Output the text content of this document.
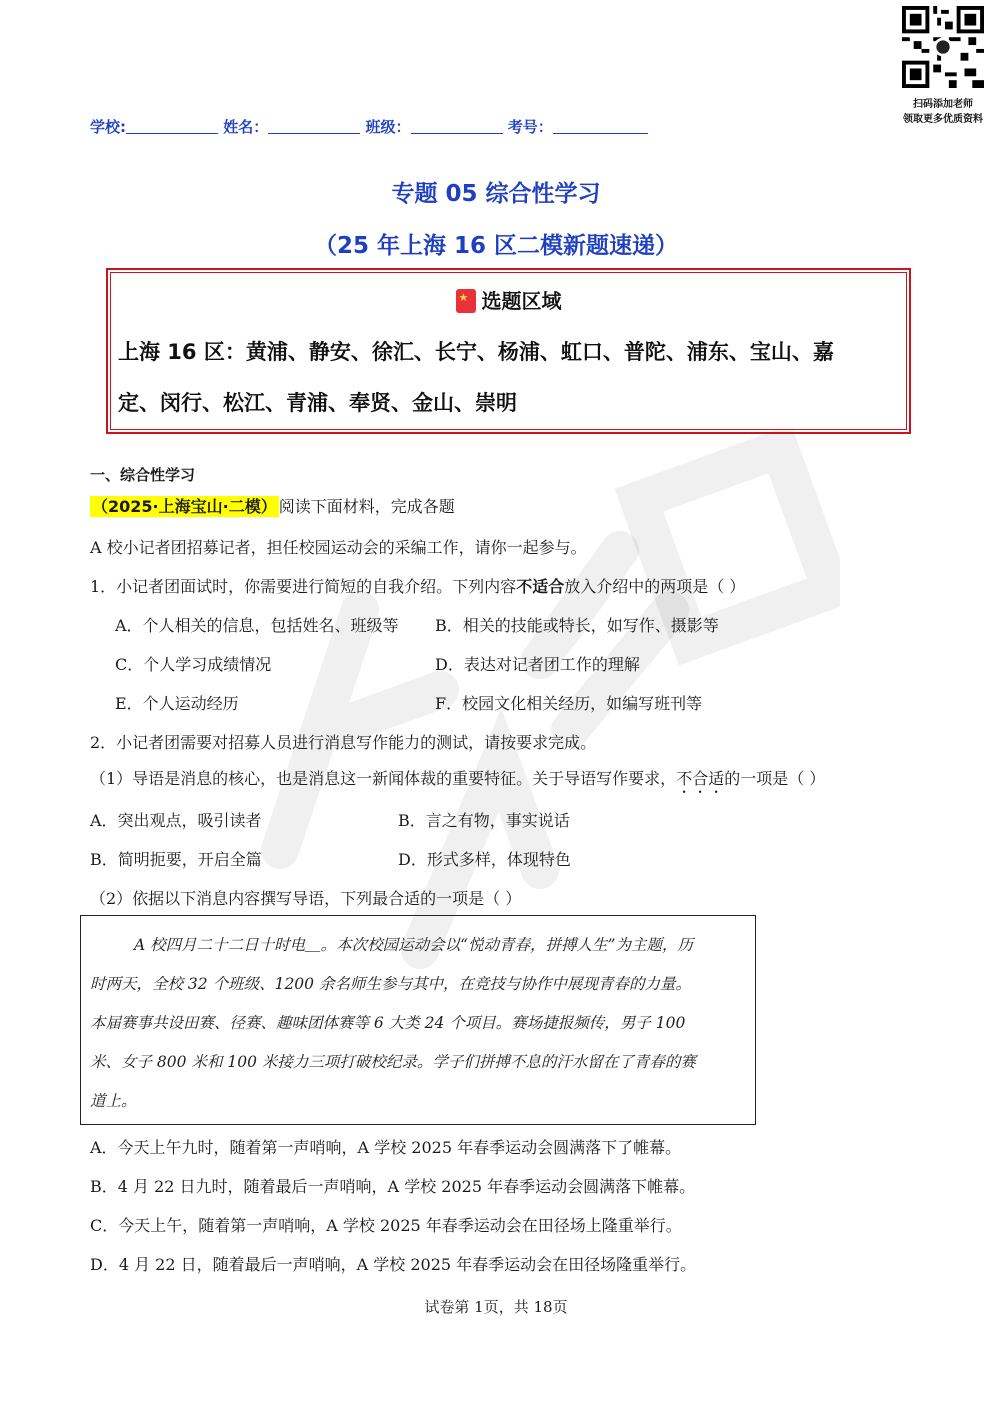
扫码添加老师
领取更多优质资料
学校:	姓名：	班级：	考号：
专题 05 综合性学习
（25 年上海 16 区二模新题速递）
★选题区域
上海 16 区：黄浦、静安、徐汇、长宁、杨浦、虹口、普陀、浦东、宝山、嘉
定、闵行、松江、青浦、奉贤、金山、崇明
一、综合性学习
（2025·上海宝山·二模） 阅读下面材料，完成各题
A 校小记者团招募记者，担任校园运动会的采编工作，请你一起参与。
1．小记者团面试时，你需要进行简短的自我介绍。下列内容不适合放入介绍中的两项是（ ）
A．个人相关的信息，包括姓名、班级等 B．相关的技能或特长，如写作、摄影等
C．个人学习成绩情况	D．表达对记者团工作的理解
E．个人运动经历	F．校园文化相关经历，如编写班刊等
2．小记者团需要对招募人员进行消息写作能力的测试，请按要求完成。
（1）导语是消息的核心，也是消息这一新闻体裁的重要特征。关于导语写作要求，不合适的一项是（ ）
A．突出观点，吸引读者	B．言之有物，事实说话
B．简明扼要，开启全篇	D．形式多样，体现特色
（2）依据以下消息内容撰写导语，下列最合适的一项是（ ）
A 校四月二十二日十时电＿。本次校园运动会以“悦动青春，拼搏人生”为主题，历
时两天，全校 32 个班级、1200 余名师生参与其中，在竞技与协作中展现青春的力量。
本届赛事共设田赛、径赛、趣味团体赛等 6 大类 24 个项目。赛场捷报频传，男子 100
米、女子 800 米和 100 米接力三项打破校纪录。学子们拼搏不息的汗水留在了青春的赛
道上。
A．今天上午九时，随着第一声哨响，A 学校 2025 年春季运动会圆满落下了帷幕。
B．4 月 22 日九时，随着最后一声哨响，A 学校 2025 年春季运动会圆满落下帷幕。
C．今天上午，随着第一声哨响，A 学校 2025 年春季运动会在田径场上隆重举行。
D．4 月 22 日，随着最后一声哨响，A 学校 2025 年春季运动会在田径场隆重举行。
试卷第 1页，共 18页
